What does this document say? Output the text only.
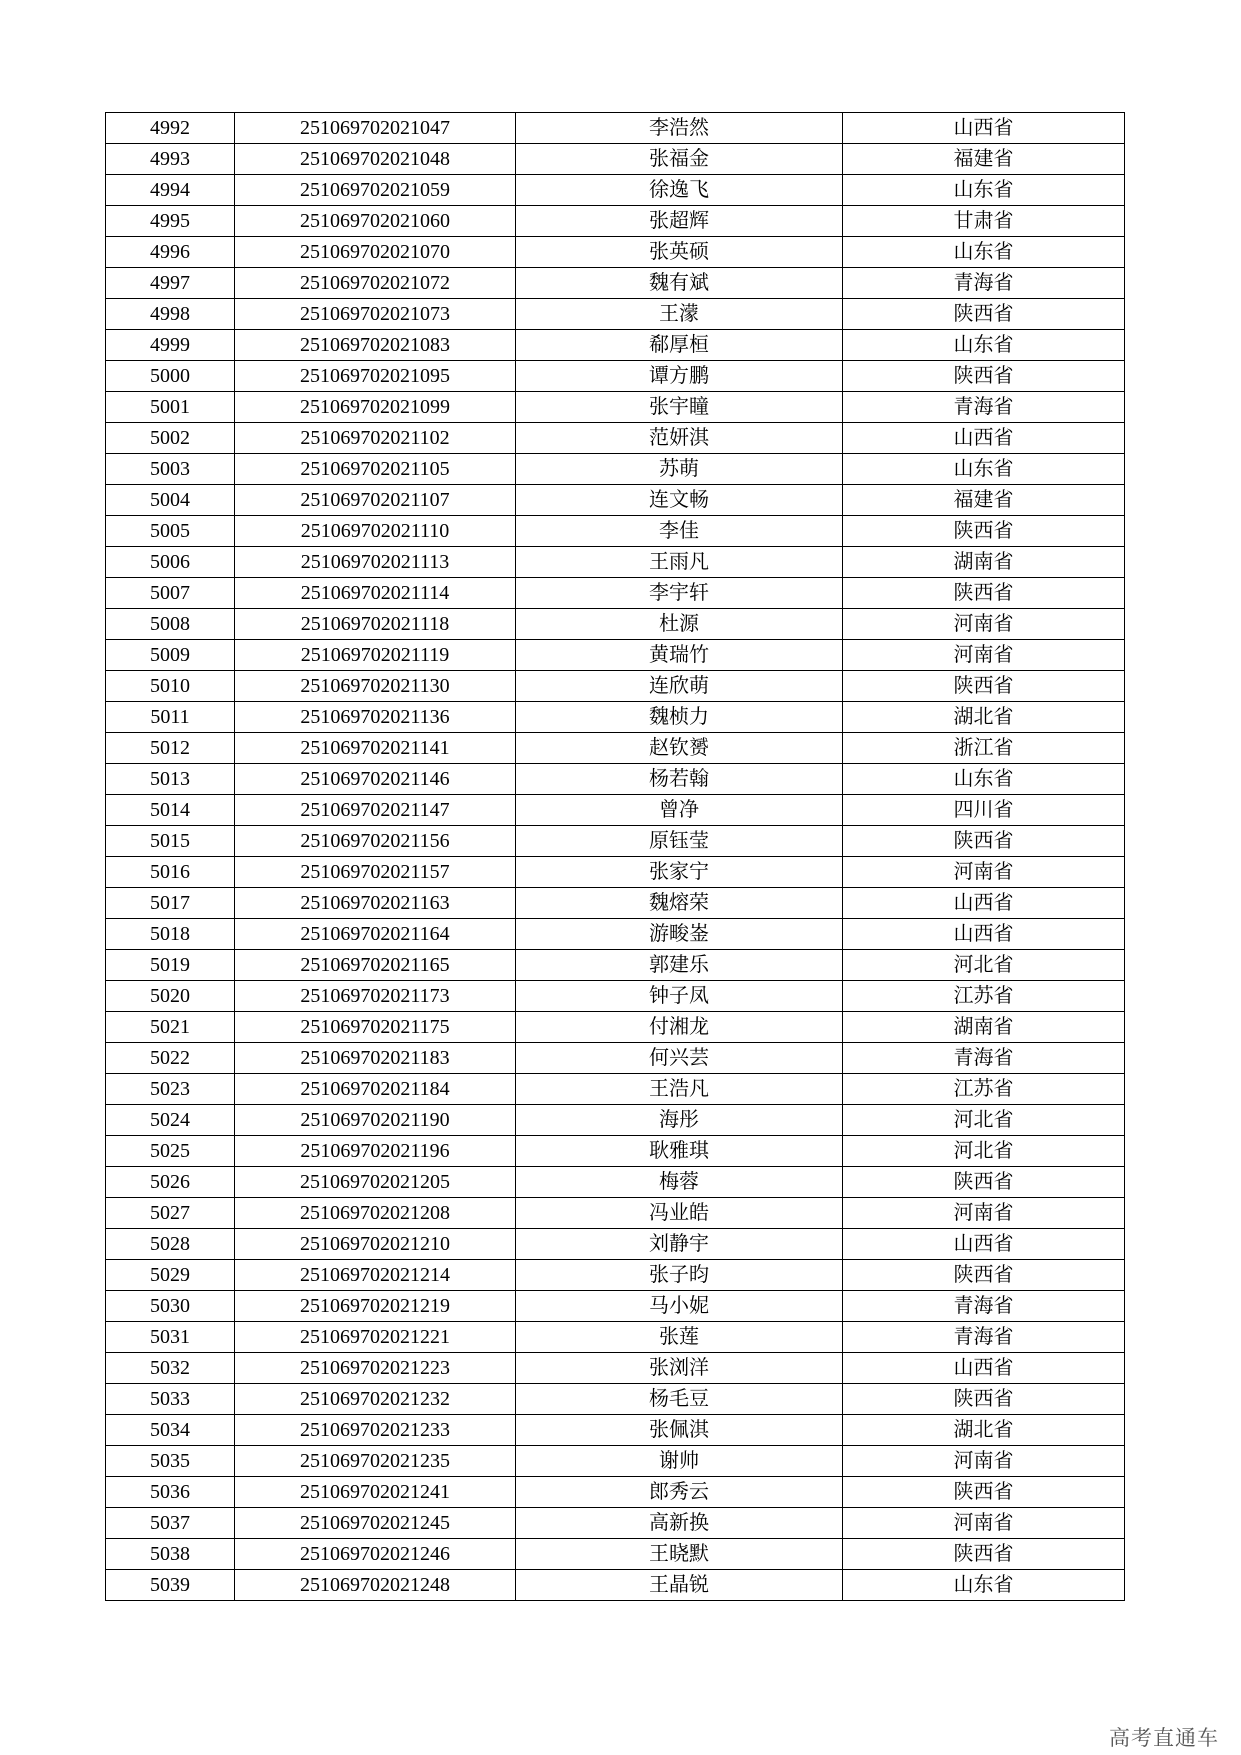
4992	251069702021047	李浩然	山西省
4993	251069702021048	张福金	福建省
4994	251069702021059	徐逸飞	山东省
4995	251069702021060	张超辉	甘肃省
4996	251069702021070	张英硕	山东省
4997	251069702021072	魏有斌	青海省
4998	251069702021073	王濛	陕西省
4999	251069702021083	郗厚桓	山东省
5000	251069702021095	谭方鹏	陕西省
5001	251069702021099	张宇瞳	青海省
5002	251069702021102	范妍淇	山西省
5003	251069702021105	苏萌	山东省
5004	251069702021107	连文畅	福建省
5005	251069702021110	李佳	陕西省
5006	251069702021113	王雨凡	湖南省
5007	251069702021114	李宇轩	陕西省
5008	251069702021118	杜源	河南省
5009	251069702021119	黄瑞竹	河南省
5010	251069702021130	连欣萌	陕西省
5011	251069702021136	魏桢力	湖北省
5012	251069702021141	赵钦赟	浙江省
5013	251069702021146	杨若翰	山东省
5014	251069702021147	曾净	四川省
5015	251069702021156	原钰莹	陕西省
5016	251069702021157	张家宁	河南省
5017	251069702021163	魏熔荣	山西省
5018	251069702021164	游畯崟	山西省
5019	251069702021165	郭建乐	河北省
5020	251069702021173	钟子凤	江苏省
5021	251069702021175	付湘龙	湖南省
5022	251069702021183	何兴芸	青海省
5023	251069702021184	王浩凡	江苏省
5024	251069702021190	海彤	河北省
5025	251069702021196	耿雅琪	河北省
5026	251069702021205	梅蓉	陕西省
5027	251069702021208	冯业皓	河南省
5028	251069702021210	刘静宇	山西省
5029	251069702021214	张子昀	陕西省
5030	251069702021219	马小妮	青海省
5031	251069702021221	张莲	青海省
5032	251069702021223	张浏洋	山西省
5033	251069702021232	杨毛豆	陕西省
5034	251069702021233	张佩淇	湖北省
5035	251069702021235	谢帅	河南省
5036	251069702021241	郎秀云	陕西省
5037	251069702021245	高新换	河南省
5038	251069702021246	王晓默	陕西省
5039	251069702021248	王晶锐	山东省
高考直通车
